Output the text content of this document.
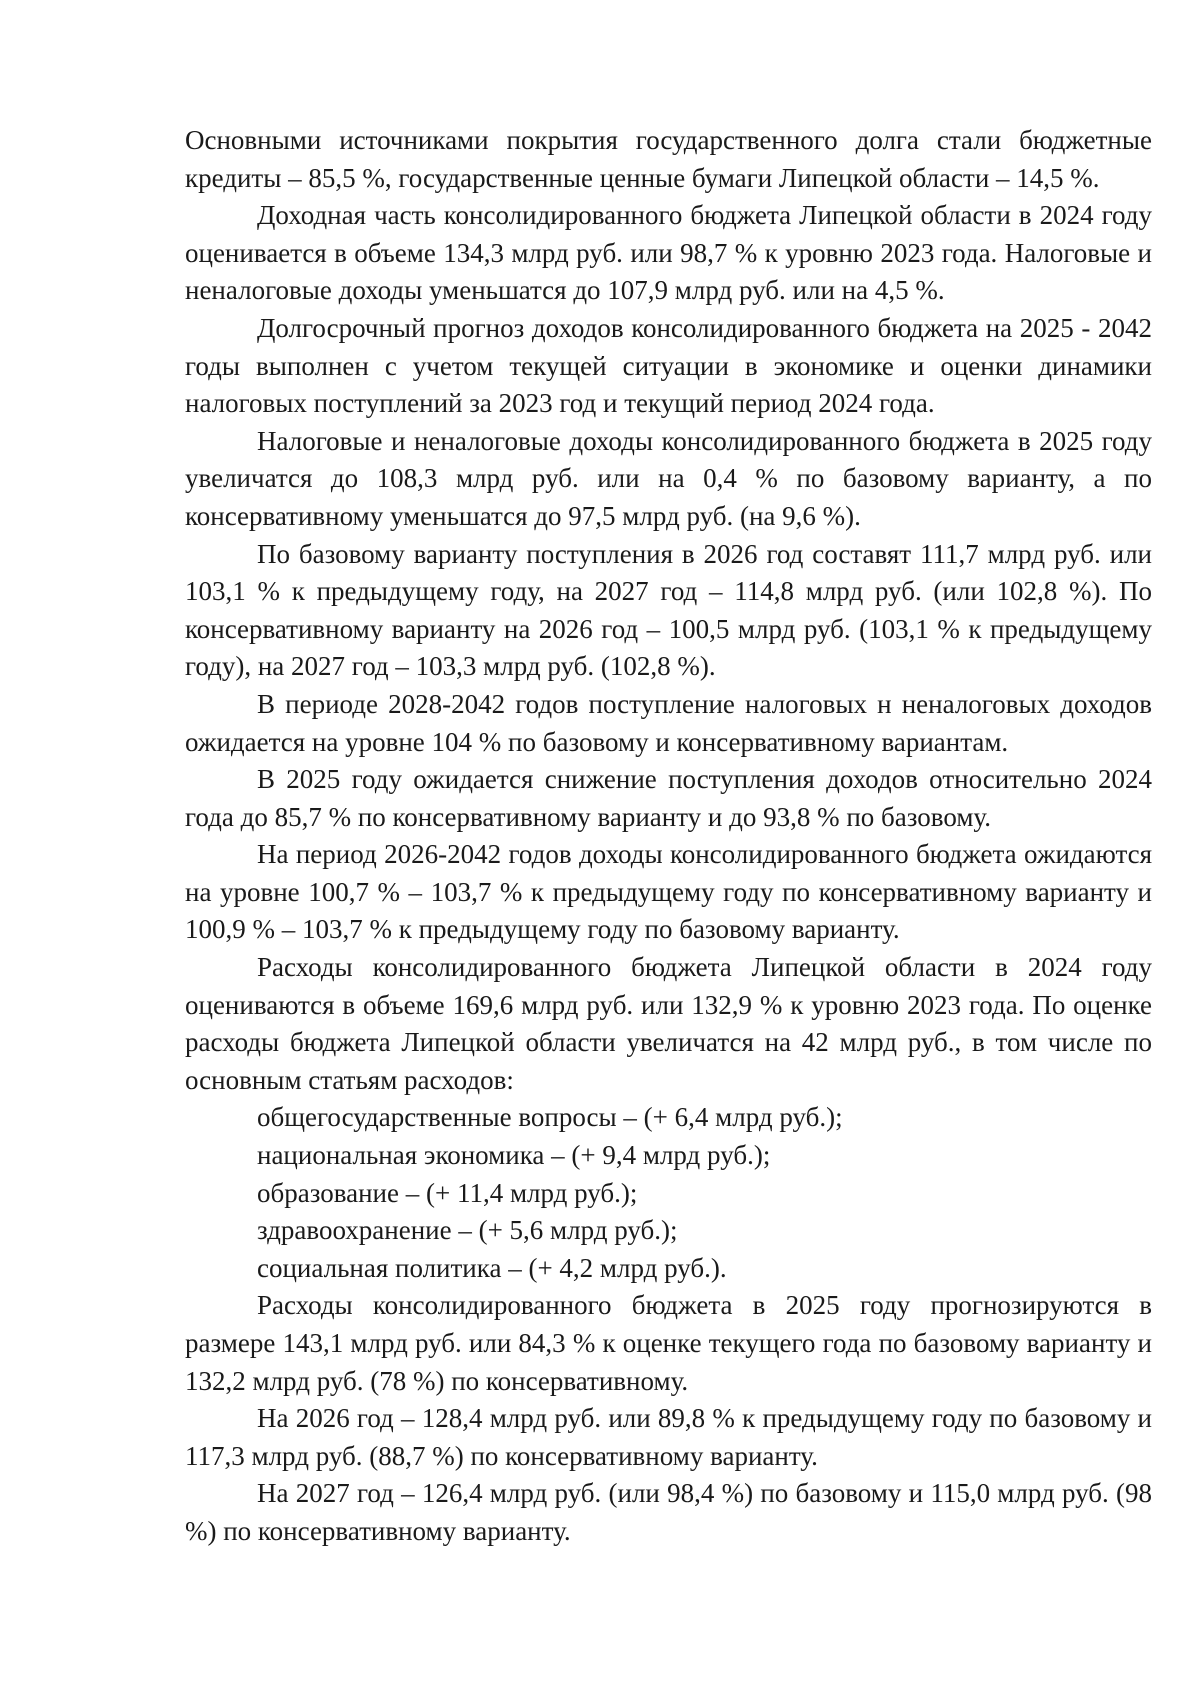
Основными источниками покрытия государственного долга стали бюджетные кредиты – 85,5 %, государственные ценные бумаги Липецкой области – 14,5 %.

Доходная часть консолидированного бюджета Липецкой области в 2024 году оценивается в объеме 134,3 млрд руб. или 98,7 % к уровню 2023 года. Налоговые и неналоговые доходы уменьшатся до 107,9 млрд руб. или на 4,5 %.

Долгосрочный прогноз доходов консолидированного бюджета на 2025 - 2042 годы выполнен с учетом текущей ситуации в экономике и оценки динамики налоговых поступлений за 2023 год и текущий период 2024 года.

Налоговые и неналоговые доходы консолидированного бюджета в 2025 году увеличатся до 108,3 млрд руб. или на 0,4 % по базовому варианту, а по консервативному уменьшатся до 97,5 млрд руб. (на 9,6 %).

По базовому варианту поступления в 2026 год составят 111,7 млрд руб. или 103,1 % к предыдущему году, на 2027 год – 114,8 млрд руб. (или 102,8 %). По консервативному варианту на 2026 год – 100,5 млрд руб. (103,1 % к предыдущему году), на 2027 год – 103,3 млрд руб. (102,8 %).

В периоде 2028-2042 годов поступление налоговых н неналоговых доходов ожидается на уровне 104 % по базовому и консервативному вариантам.

В 2025 году ожидается снижение поступления доходов относительно 2024 года до 85,7 % по консервативному варианту и до 93,8 % по базовому.

На период 2026-2042 годов доходы консолидированного бюджета ожидаются на уровне 100,7 % – 103,7 % к предыдущему году по консервативному варианту и 100,9 % – 103,7 % к предыдущему году по базовому варианту.

Расходы консолидированного бюджета Липецкой области в 2024 году оцениваются в объеме 169,6 млрд руб. или 132,9 % к уровню 2023 года. По оценке расходы бюджета Липецкой области увеличатся на 42 млрд руб., в том числе по основным статьям расходов:

общегосударственные вопросы – (+ 6,4 млрд руб.);

национальная экономика – (+ 9,4 млрд руб.);

образование – (+ 11,4 млрд руб.);

здравоохранение – (+ 5,6 млрд руб.);

социальная политика – (+ 4,2 млрд руб.).

Расходы консолидированного бюджета в 2025 году прогнозируются в размере 143,1 млрд руб. или 84,3 % к оценке текущего года по базовому варианту и 132,2 млрд руб. (78 %) по консервативному.

На 2026 год – 128,4 млрд руб. или 89,8 % к предыдущему году по базовому и 117,3 млрд руб. (88,7 %) по консервативному варианту.

На 2027 год – 126,4 млрд руб. (или 98,4 %) по базовому и 115,0 млрд руб. (98 %) по консервативному варианту.
